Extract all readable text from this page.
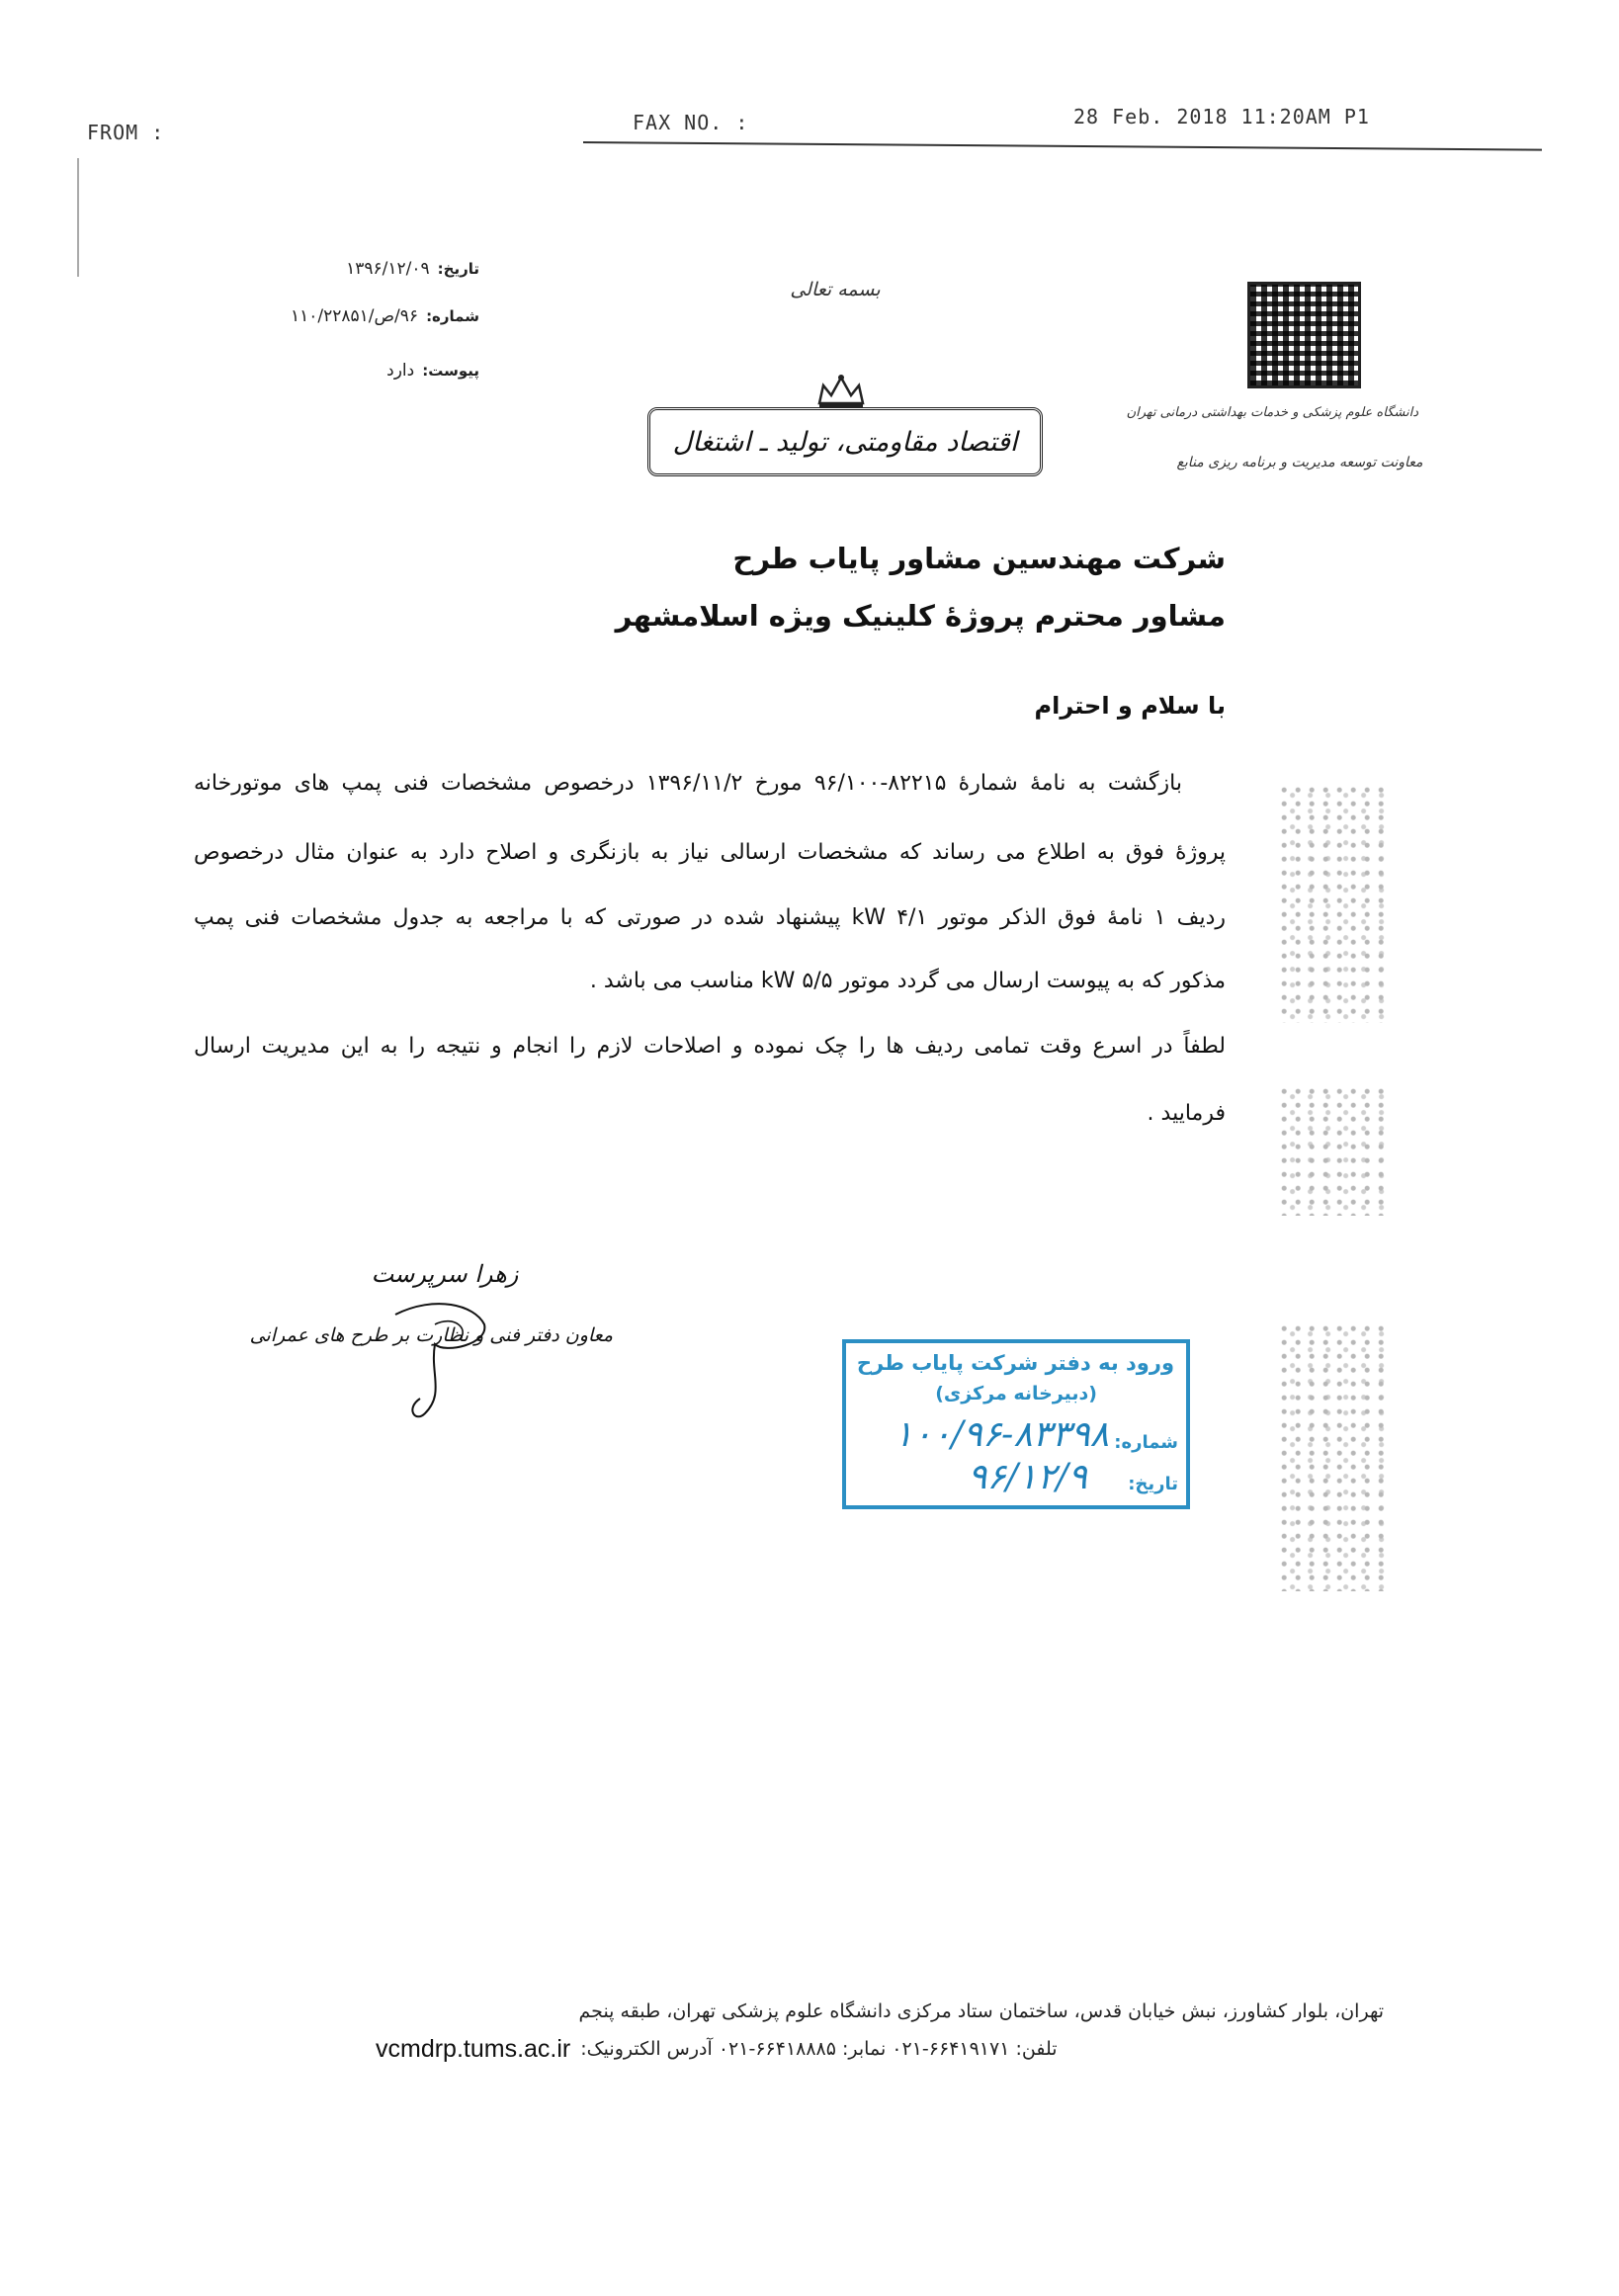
FROM :	FAX NO. :	28 Feb. 2018 11:20AM P1
تاریخ:۱۳۹۶/۱۲/۰۹
شماره:۹۶/ص/۱۱۰/۲۲۸۵۱
پیوست:دارد
بسمه تعالی
اقتصاد مقاومتی، تولید ـ اشتغال
دانشگاه علوم پزشکی و خدمات بهداشتی درمانی تهران
معاونت توسعه مدیریت و برنامه ریزی منابع
شرکت مهندسین مشاور پایاب طرح
مشاور محترم پروژهٔ کلینیک ویژه اسلامشهر
با سلام و احترام
بازگشت به نامهٔ شمارهٔ ۸۲۲۱۵-۹۶/۱۰۰ مورخ ۱۳۹۶/۱۱/۲ درخصوص مشخصات فنی پمپ های موتورخانه
پروژهٔ فوق به اطلاع می رساند که مشخصات ارسالی نیاز به بازنگری و اصلاح دارد به عنوان مثال درخصوص
ردیف ۱ نامهٔ فوق الذکر موتور kW ۴/۱ پیشنهاد شده در صورتی که با مراجعه به جدول مشخصات فنی پمپ
مذکور که به پیوست ارسال می گردد موتور kW ۵/۵ مناسب می باشد .
لطفاً در اسرع وقت تمامی ردیف ها را چک نموده و اصلاحات لازم را انجام و نتیجه را به این مدیریت ارسال
فرمایید .
زهرا سرپرست
معاون دفتر فنی و نظارت بر طرح های عمرانی
ورود به دفتر شرکت پایاب طرح
(دبیرخانه مرکزی)
شماره:
۱۰۰/۹۶-۸۳۳۹۸
تاریخ:
۹۶/۱۲/۹
تهران، بلوار کشاورز، نبش خیابان قدس، ساختمان ستاد مرکزی دانشگاه علوم پزشکی تهران، طبقه پنجم
vcmdrp.tums.ac.ir تلفن: ۶۶۴۱۹۱۷۱-۰۲۱ نمابر: ۶۶۴۱۸۸۸۵-۰۲۱ آدرس الکترونیک:
